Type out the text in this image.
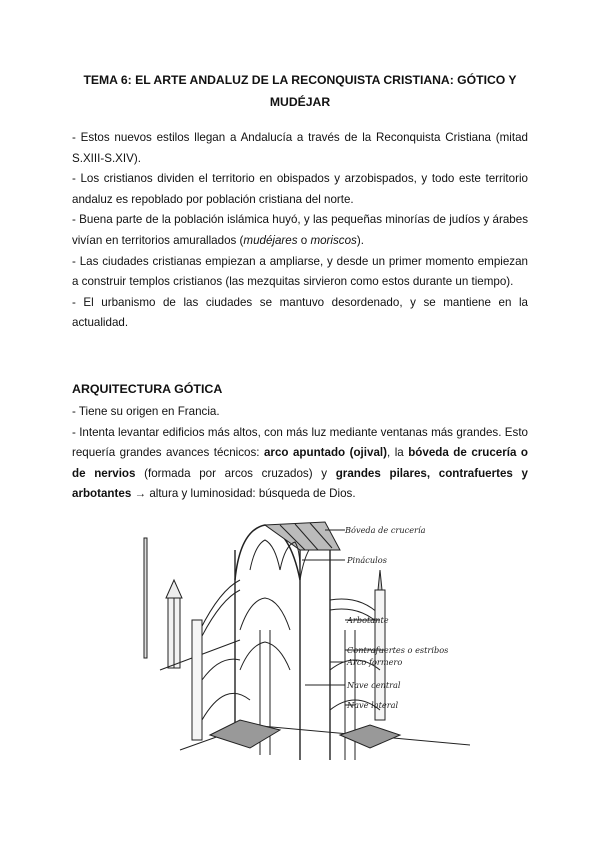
TEMA 6: EL ARTE ANDALUZ DE LA RECONQUISTA CRISTIANA: GÓTICO Y MUDÉJAR

- Estos nuevos estilos llegan a Andalucía a través de la Reconquista Cristiana (mitad S.XIII-S.XIV).

- Los cristianos dividen el territorio en obispados y arzobispados, y todo este territorio andaluz es repoblado por población cristiana del norte.

- Buena parte de la población islámica huyó, y las pequeñas minorías de judíos y árabes vivían en territorios amurallados (mudéjares o moriscos).

- Las ciudades cristianas empiezan a ampliarse, y desde un primer momento empiezan a construir templos cristianos (las mezquitas sirvieron como estos durante un tiempo).

- El urbanismo de las ciudades se mantuvo desordenado, y se mantiene en la actualidad.

ARQUITECTURA GÓTICA

- Tiene su origen en Francia.

- Intenta levantar edificios más altos, con más luz mediante ventanas más grandes. Esto requería grandes avances técnicos: arco apuntado (ojival), la bóveda de crucería o de nervios (formada por arcos cruzados) y grandes pilares, contrafuertes y arbotantes → altura y luminosidad: búsqueda de Dios.

Bóveda de crucería
Pináculos
Arbotante
Contrafuertes o estribos
Arco formero
Nave central
Nave lateral
